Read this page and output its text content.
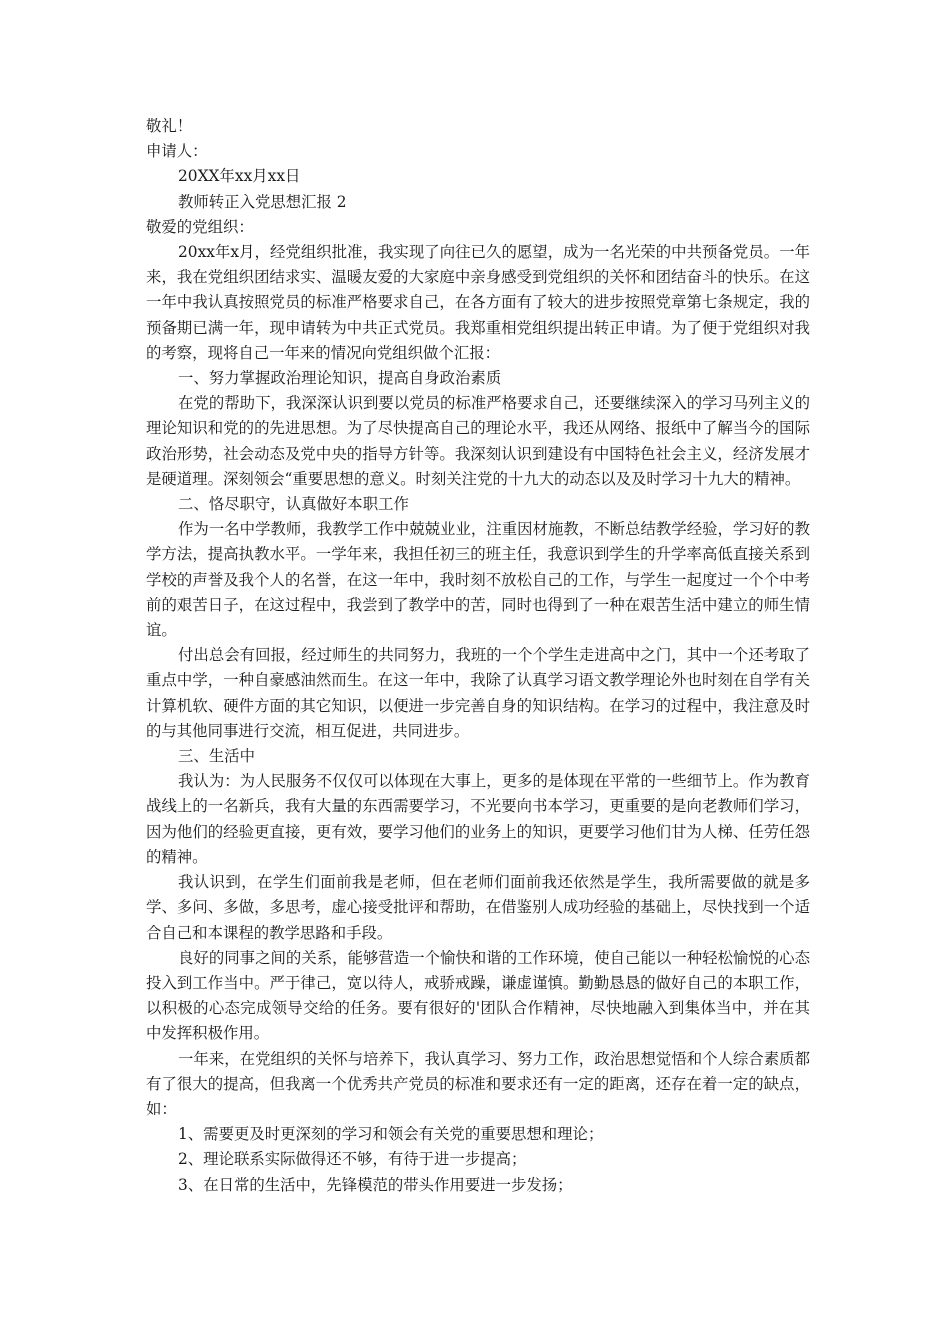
敬礼！

申请人：

20XX年xx月xx日

教师转正入党思想汇报 2

敬爱的党组织：

20xx年x月，经党组织批准，我实现了向往已久的愿望，成为一名光荣的中共预备党员。一年来，我在党组织团结求实、温暖友爱的大家庭中亲身感受到党组织的关怀和团结奋斗的快乐。在这一年中我认真按照党员的标准严格要求自己，在各方面有了较大的进步按照党章第七条规定，我的预备期已满一年，现申请转为中共正式党员。我郑重相党组织提出转正申请。为了便于党组织对我的考察，现将自己一年来的情况向党组织做个汇报：

一、努力掌握政治理论知识，提高自身政治素质

在党的帮助下，我深深认识到要以党员的标准严格要求自己，还要继续深入的学习马列主义的理论知识和党的的先进思想。为了尽快提高自己的理论水平，我还从网络、报纸中了解当今的国际政治形势，社会动态及党中央的指导方针等。我深刻认识到建设有中国特色社会主义，经济发展才是硬道理。深刻领会“重要思想的意义。时刻关注党的十九大的动态以及及时学习十九大的精神。

二、恪尽职守，认真做好本职工作

作为一名中学教师，我教学工作中兢兢业业，注重因材施教，不断总结教学经验，学习好的教学方法，提高执教水平。一学年来，我担任初三的班主任，我意识到学生的升学率高低直接关系到学校的声誉及我个人的名誉，在这一年中，我时刻不放松自己的工作，与学生一起度过一个个中考前的艰苦日子，在这过程中，我尝到了教学中的苦，同时也得到了一种在艰苦生活中建立的师生情谊。

付出总会有回报，经过师生的共同努力，我班的一个个学生走进高中之门，其中一个还考取了重点中学，一种自豪感油然而生。在这一年中，我除了认真学习语文教学理论外也时刻在自学有关计算机软、硬件方面的其它知识，以便进一步完善自身的知识结构。在学习的过程中，我注意及时的与其他同事进行交流，相互促进，共同进步。

三、生活中

我认为：为人民服务不仅仅可以体现在大事上，更多的是体现在平常的一些细节上。作为教育战线上的一名新兵，我有大量的东西需要学习，不光要向书本学习，更重要的是向老教师们学习，因为他们的经验更直接，更有效，要学习他们的业务上的知识，更要学习他们甘为人梯、任劳任怨的精神。

我认识到，在学生们面前我是老师，但在老师们面前我还依然是学生，我所需要做的就是多学、多问、多做，多思考，虚心接受批评和帮助，在借鉴别人成功经验的基础上，尽快找到一个适合自己和本课程的教学思路和手段。

良好的同事之间的关系，能够营造一个愉快和谐的工作环境，使自己能以一种轻松愉悦的心态投入到工作当中。严于律己，宽以待人，戒骄戒躁，谦虚谨慎。勤勤恳恳的做好自己的本职工作，以积极的心态完成领导交给的任务。要有很好的'团队合作精神，尽快地融入到集体当中，并在其中发挥积极作用。

一年来，在党组织的关怀与培养下，我认真学习、努力工作，政治思想觉悟和个人综合素质都有了很大的提高，但我离一个优秀共产党员的标准和要求还有一定的距离，还存在着一定的缺点，如：

1、需要更及时更深刻的学习和领会有关党的重要思想和理论；

2、理论联系实际做得还不够，有待于进一步提高；

3、在日常的生活中，先锋模范的带头作用要进一步发扬；
